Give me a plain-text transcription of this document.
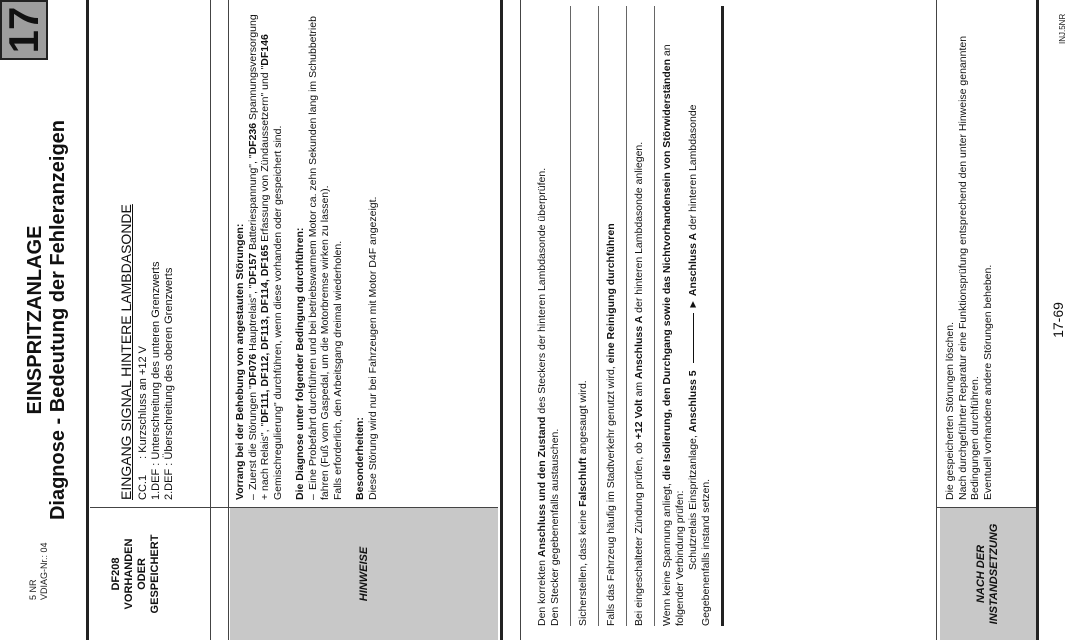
5 NR VDIAG-Nr.: 04
EINSPRITZANLAGE Diagnose - Bedeutung der Fehleranzeigen
17
DF208 VORHANDEN ODER GESPEICHERT
EINGANG SIGNAL HINTERE LAMBDASONDE CC.1  : Kurzschluss an +12 V
1.DEF : Unterschreitung des unteren Grenzwerts
2.DEF : Überschreitung des oberen Grenzwerts
HINWEISE

Vorrang bei der Behebung von angestauten Störungen:
–Zuerst die Störungen "DF076 Hauptrelais", "DF157 Batteriespannung", "DF236 Spannungsversorgung + nach Relais", "DF111, DF112, DF113, DF114, DF165 Erfassung von Zündaussetzern" und "DF146 Gemischregulierung" durchführen, wenn diese vorhanden oder gespeichert sind. Die Diagnose unter folgender Bedingung durchführen:
–Eine Probefahrt durchführen und bei betriebswarmem Motor ca. zehn Sekunden lang im Schubbetrieb fahren (Fuß vom Gaspedal, um die Motorbremse wirken zu lassen).
Falls erforderlich, den Arbeitsgang dreimal wiederholen. Besonderheiten:
Diese Störung wird nur bei Fahrzeugen mit Motor D4F angezeigt.

Den korrekten Anschluss und den Zustand des Steckers der hinteren Lambdasonde überprüfen.
Den Stecker gegebenenfalls austauschen.	Sicherstellen, dass keine Falschluft angesaugt wird.	Falls das Fahrzeug häufig im Stadtverkehr genutzt wird, eine Reinigung durchführen
Bei eingeschalteter Zündung prüfen, ob +12 Volt am Anschluss A der hinteren Lambdasonde anliegen.
Wenn keine Spannung anliegt, die Isolierung, den Durchgang sowie das Nichtvorhandensein von Störwiderständen an folgender Verbindung prüfen:
Schutzrelais Einspritzanlage, Anschluss 5 ► Anschluss A der hinteren Lambdasonde
Gegebenenfalls instand setzen.	NACH DER INSTANDSETZUNG
Die gespeicherten Störungen löschen. Nach durchgeführter Reparatur eine Funktionsprüfung entsprechend den unter Hinweise genannten Bedingungen durchführen. Eventuell vorhandene andere Störungen beheben.	17-69
INJ.5NR
